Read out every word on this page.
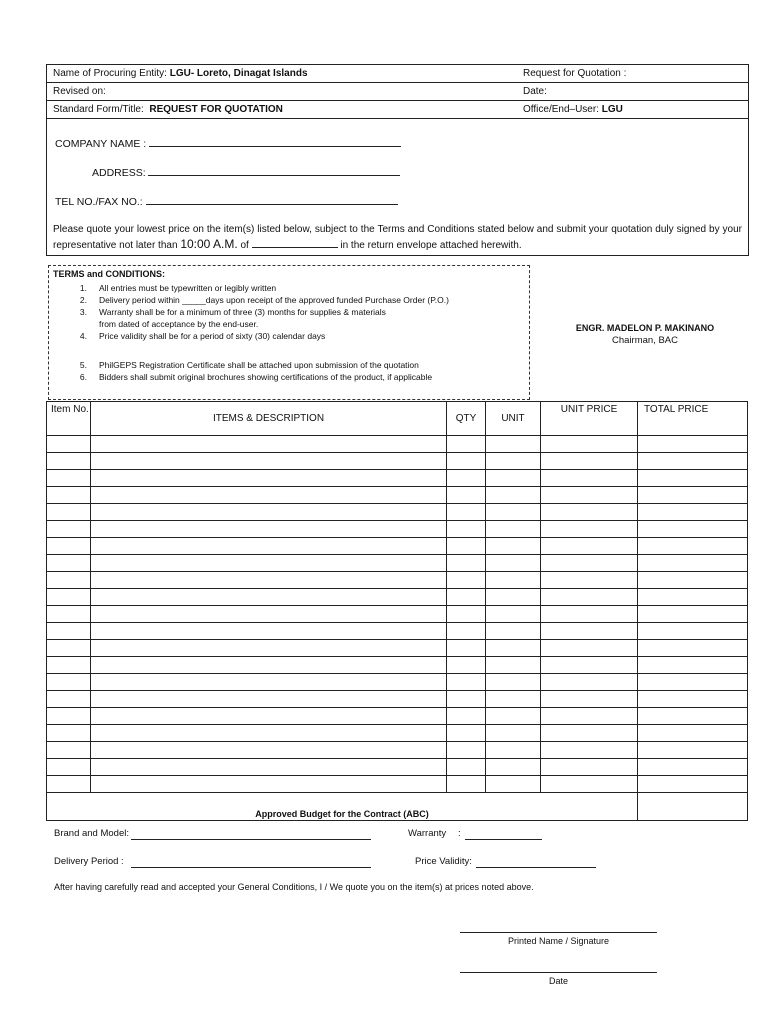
Name of Procuring Entity: LGU- Loreto, Dinagat Islands	Request for Quotation :
Revised on:	Date:
Standard Form/Title: REQUEST FOR QUOTATION	Office/End–User: LGU
COMPANY NAME :
ADDRESS:
TEL NO./FAX NO.:
Please quote your lowest price on the item(s) listed below, subject to the Terms and Conditions stated below and submit your quotation duly signed by your representative not later than 10:00 A.M. of	in the return envelope attached herewith.
TERMS and CONDITIONS:
1. All entries must be typewritten or legibly written
2. Delivery period within _____days upon receipt of the approved funded Purchase Order (P.O.)
3. Warranty shall be for a minimum of three (3) months for supplies & materials
from dated of acceptance by the end-user.
4. Price validity shall be for a period of sixty (30) calendar days
5. PhilGEPS Registration Certificate shall be attached upon submission of the quotation
6. Bidders shall submit original brochures showing certifications of the product, if applicable
ENGR. MADELON P. MAKINANO
Chairman, BAC
Item No.	ITEMS & DESCRIPTION	QTY	UNIT	UNIT PRICE	TOTAL PRICE

Approved Budget for the Contract (ABC)					
Brand and Model:	Warranty :
Delivery Period :	Price Validity:
After having carefully read and accepted your General Conditions, I / We quote you on the item(s) at prices noted above.
Printed Name / Signature
Date
